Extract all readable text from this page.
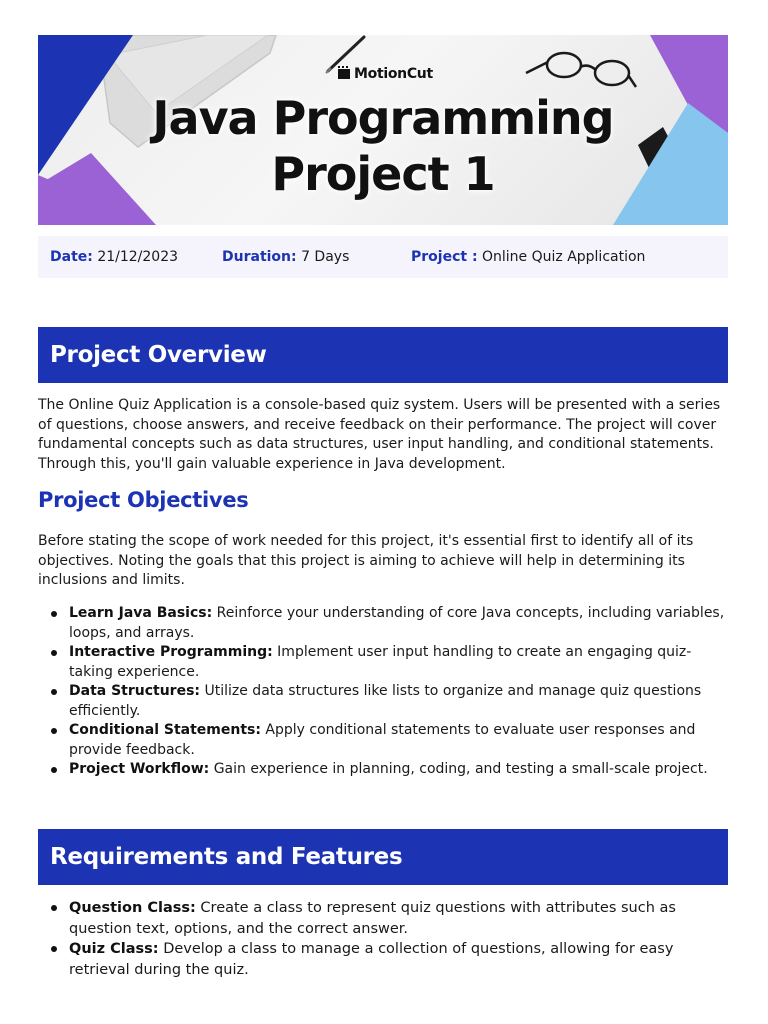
MotionCut
Java Programming
Project 1
Date: 21/12/2023	Duration: 7 Days	Project : Online Quiz Application
Project Overview

The Online Quiz Application is a console-based quiz system. Users will be presented with a series of questions, choose answers, and receive feedback on their performance. The project will cover fundamental concepts such as data structures, user input handling, and conditional statements. Through this, you'll gain valuable experience in Java development.

Project Objectives

Before stating the scope of work needed for this project, it's essential first to identify all of its objectives. Noting the goals that this project is aiming to achieve will help in determining its inclusions and limits.

Learn Java Basics: Reinforce your understanding of core Java concepts, including variables, loops, and arrays.
Interactive Programming: Implement user input handling to create an engaging quiz-taking experience.
Data Structures: Utilize data structures like lists to organize and manage quiz questions efficiently.
Conditional Statements: Apply conditional statements to evaluate user responses and provide feedback.
Project Workflow: Gain experience in planning, coding, and testing a small-scale project.
Requirements and Features
Question Class: Create a class to represent quiz questions with attributes such as question text, options, and the correct answer.
Quiz Class: Develop a class to manage a collection of questions, allowing for easy retrieval during the quiz.
